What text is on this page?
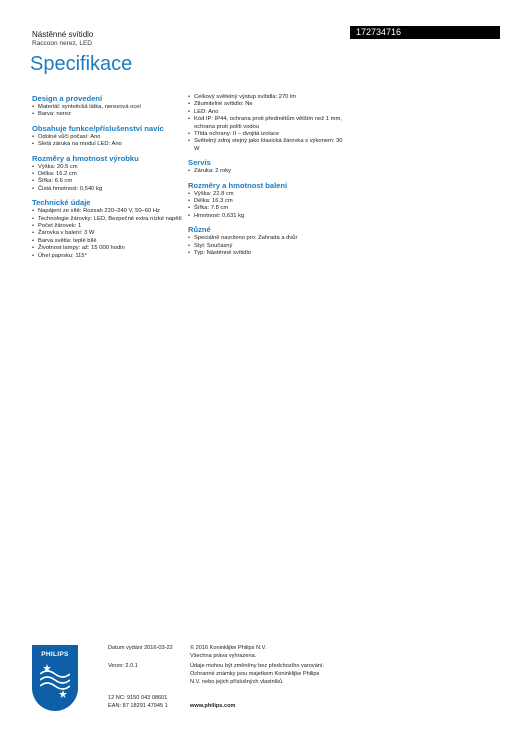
Nástěnné svítidlo
Raccoon nerez, LED
172734716
Specifikace
Design a provedení
• Materiál: syntetická látka, nerezová ocel
• Barva: nerez
Obsahuje funkce/příslušenství navíc
• Odolné vůči počasí: Ano
• Sletá záruka na modul LED: Ano
Rozměry a hmotnost výrobku
• Výška: 20.5 cm
• Délka: 16.2 cm
• Šířka: 6.6 cm
• Čistá hmotnost: 0,540 kg
Technické údaje
• Napájení ze sítě: Rozsah 220–240 V, 50–60 Hz
• Technologie žárovky: LED, Bezpečné extra nízké napětí
• Počet žárovek: 1
• Žárovka v balení: 3 W
• Barva světla: teplé bílé
• Životnost lampy: až: 15 000 hodin
• Úhel paprsku: 115°
• Celkový světelný výstup svítidla: 270 lm
• Ztlumitelné svítidlo: Ne
• LED: Ano
• Kód IP: IP44, ochrana proti předmětům větším než 1 mm, ochrana proti políti vodou
• Třída ochrany: II – dvojitá izolace
• Světelný zdroj stejný jako klasická žárovka s výkonem: 30 W
Servis
• Záruka: 2 roky
Rozměry a hmotnost balení
• Výška: 22.8 cm
• Délka: 16.3 cm
• Šířka: 7.8 cm
• Hmotnost: 0,631 kg
Různé
• Speciálně navrženo pro: Zahrada a dvůr
• Styl: Současný
• Typ: Nástěnné svítidlo
PHILIPS
Datum vydání 2016-03-22
Verze: 2.0.1
12 NC: 9150 043 08601
EAN: 87 18291 47945 1
© 2016 Koninklijke Philips N.V.
Všechna práva vyhrazena.
Údaje mohou být změněny bez předchozího varování.
Ochranné známky jsou majetkem Koninklijke Philips
N.V. nebo jejich příslušných vlastníků.
www.philips.com
